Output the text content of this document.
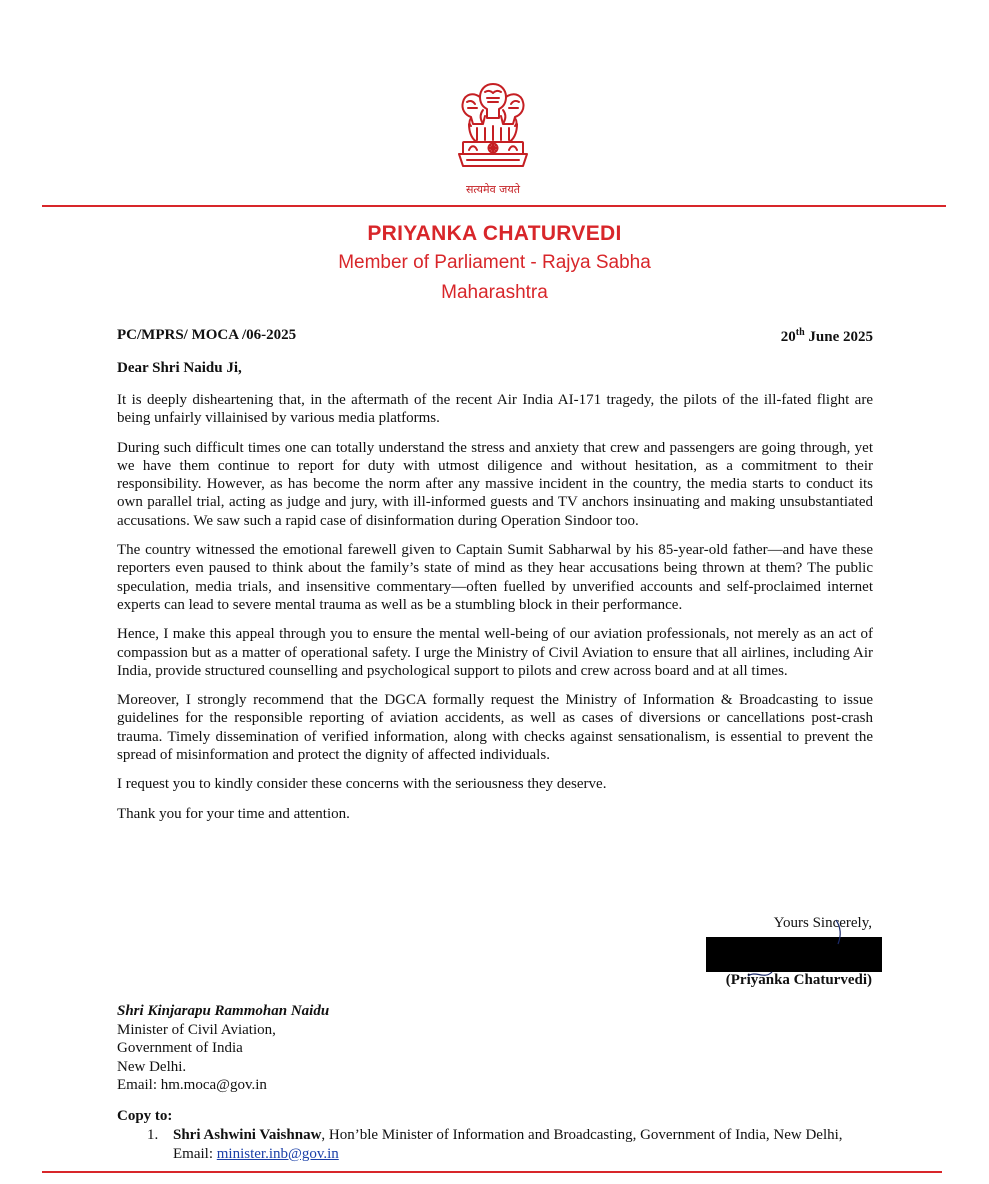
सत्यमेव जयते
PRIYANKA CHATURVEDI
Member of Parliament - Rajya Sabha
Maharashtra
PC/MPRS/ MOCA /06-2025	20th June 2025
Dear Shri Naidu Ji,

It is deeply disheartening that, in the aftermath of the recent Air India AI-171 tragedy, the pilots of the ill-fated flight are being unfairly villainised by various media platforms.

During such difficult times one can totally understand the stress and anxiety that crew and passengers are going through, yet we have them continue to report for duty with utmost diligence and without hesitation, as a commitment to their responsibility. However, as has become the norm after any massive incident in the country, the media starts to conduct its own parallel trial, acting as judge and jury, with ill-informed guests and TV anchors insinuating and making unsubstantiated accusations. We saw such a rapid case of disinformation during Operation Sindoor too.

The country witnessed the emotional farewell given to Captain Sumit Sabharwal by his 85-year-old father—and have these reporters even paused to think about the family’s state of mind as they hear accusations being thrown at them? The public speculation, media trials, and insensitive commentary—often fuelled by unverified accounts and self-proclaimed internet experts can lead to severe mental trauma as well as be a stumbling block in their performance.

Hence, I make this appeal through you to ensure the mental well-being of our aviation professionals, not merely as an act of compassion but as a matter of operational safety. I urge the Ministry of Civil Aviation to ensure that all airlines, including Air India, provide structured counselling and psychological support to pilots and crew across board and at all times.

Moreover, I strongly recommend that the DGCA formally request the Ministry of Information & Broadcasting to issue guidelines for the responsible reporting of aviation accidents, as well as cases of diversions or cancellations post-crash trauma. Timely dissemination of verified information, along with checks against sensationalism, is essential to prevent the spread of misinformation and protect the dignity of affected individuals.

I request you to kindly consider these concerns with the seriousness they deserve.

Thank you for your time and attention.

Yours Sincerely,
(Priyanka Chaturvedi)
Shri Kinjarapu Rammohan Naidu
Minister of Civil Aviation,
Government of India
New Delhi.
Email: hm.moca@gov.in
Copy to:
1. Shri Ashwini Vaishnaw, Hon’ble Minister of Information and Broadcasting, Government of India, New Delhi, Email: minister.inb@gov.in
